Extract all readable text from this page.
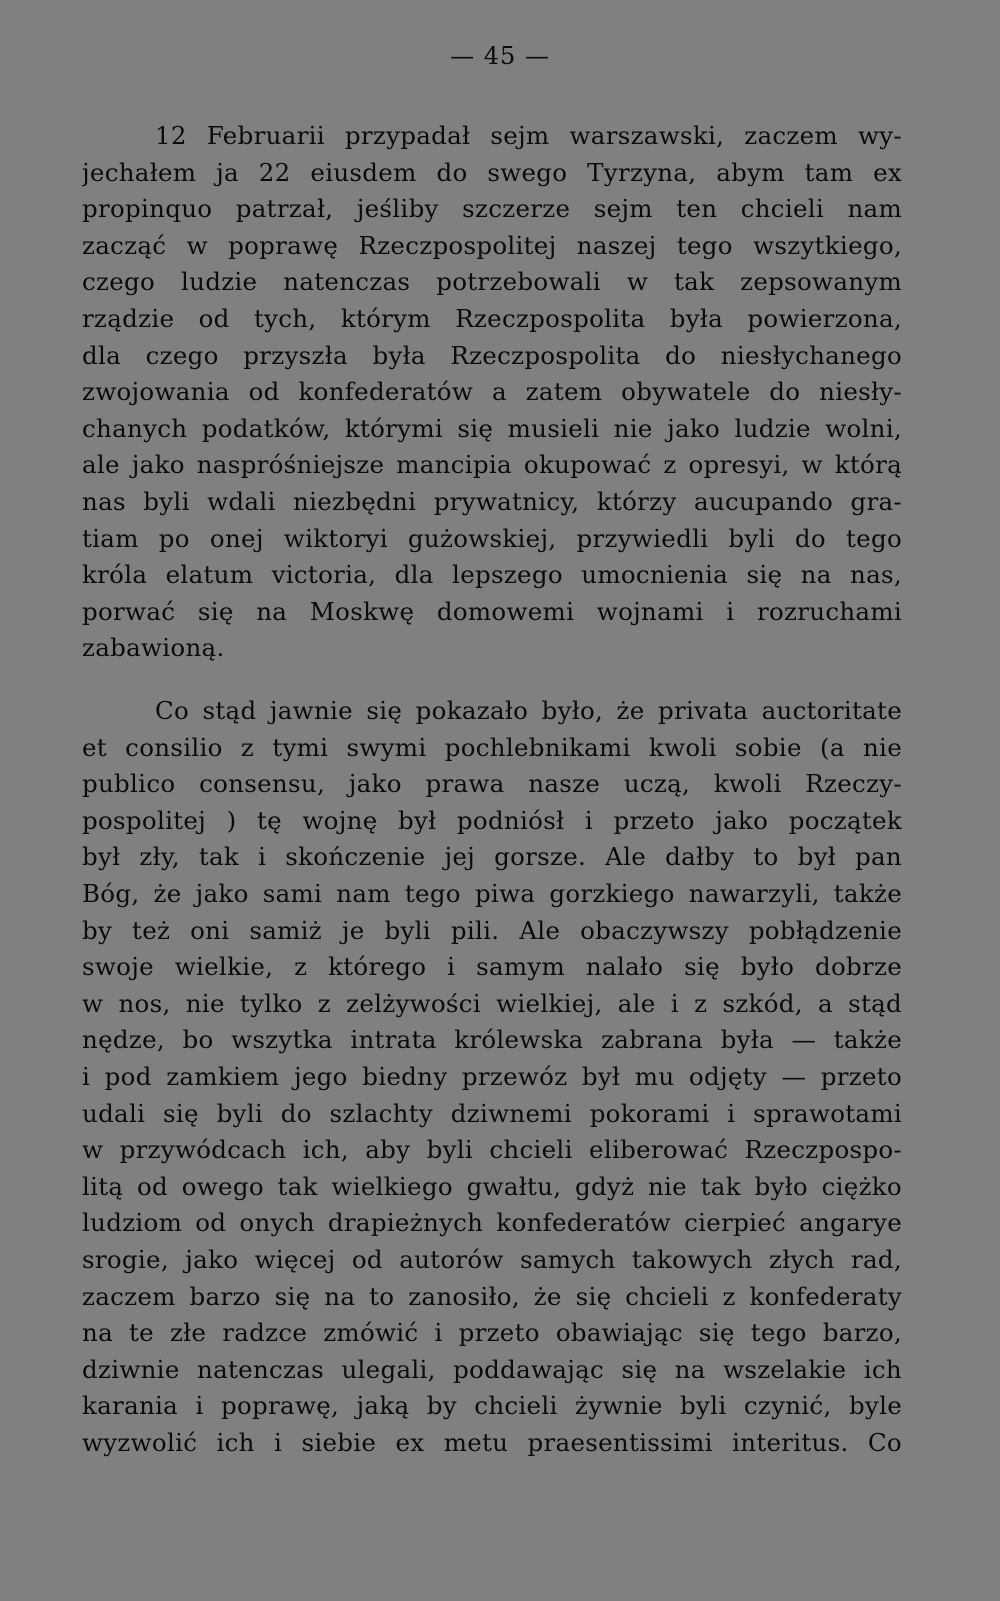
— 45 —
12 Februarii przypadał sejm warszawski, zaczem wy-
jechałem ja 22 eiusdem do swego Tyrzyna, abym tam ex
propinquo patrzał, jeśliby szczerze sejm ten chcieli nam
zacząć w poprawę Rzeczpospolitej naszej tego wszytkiego,
czego ludzie natenczas potrzebowali w tak zepsowanym
rządzie od tych, którym Rzeczpospolita była powierzona,
dla czego przyszła była Rzeczpospolita do niesłychanego
zwojowania od konfederatów a zatem obywatele do niesły-
chanych podatków, którymi się musieli nie jako ludzie wolni,
ale jako naspróśniejsze mancipia okupować z opresyi, w którą
nas byli wdali niezbędni prywatnicy, którzy aucupando gra-
tiam po onej wiktoryi gużowskiej, przywiedli byli do tego
króla elatum victoria, dla lepszego umocnienia się na nas,
porwać się na Moskwę domowemi wojnami i rozruchami
zabawioną.
Co stąd jawnie się pokazało było, że privata auctoritate
et consilio z tymi swymi pochlebnikami kwoli sobie (a nie
publico consensu, jako prawa nasze uczą, kwoli Rzeczy-
pospolitej ) tę wojnę był podniósł i przeto jako początek
był zły, tak i skończenie jej gorsze. Ale dałby to był pan
Bóg, że jako sami nam tego piwa gorzkiego nawarzyli, także
by też oni samiż je byli pili. Ale obaczywszy pobłądzenie
swoje wielkie, z którego i samym nalało się było dobrze
w nos, nie tylko z zelżywości wielkiej, ale i z szkód, a stąd
nędze, bo wszytka intrata królewska zabrana była — także
i pod zamkiem jego biedny przewóz był mu odjęty — przeto
udali się byli do szlachty dziwnemi pokorami i sprawotami
w przywódcach ich, aby byli chcieli eliberować Rzeczpospo-
litą od owego tak wielkiego gwałtu, gdyż nie tak było ciężko
ludziom od onych drapieżnych konfederatów cierpieć angarye
srogie, jako więcej od autorów samych takowych złych rad,
zaczem barzo się na to zanosiło, że się chcieli z konfederaty
na te złe radzce zmówić i przeto obawiając się tego barzo,
dziwnie natenczas ulegali, poddawając się na wszelakie ich
karania i poprawę, jaką by chcieli żywnie byli czynić, byle
wyzwolić ich i siebie ex metu praesentissimi interitus. Co
